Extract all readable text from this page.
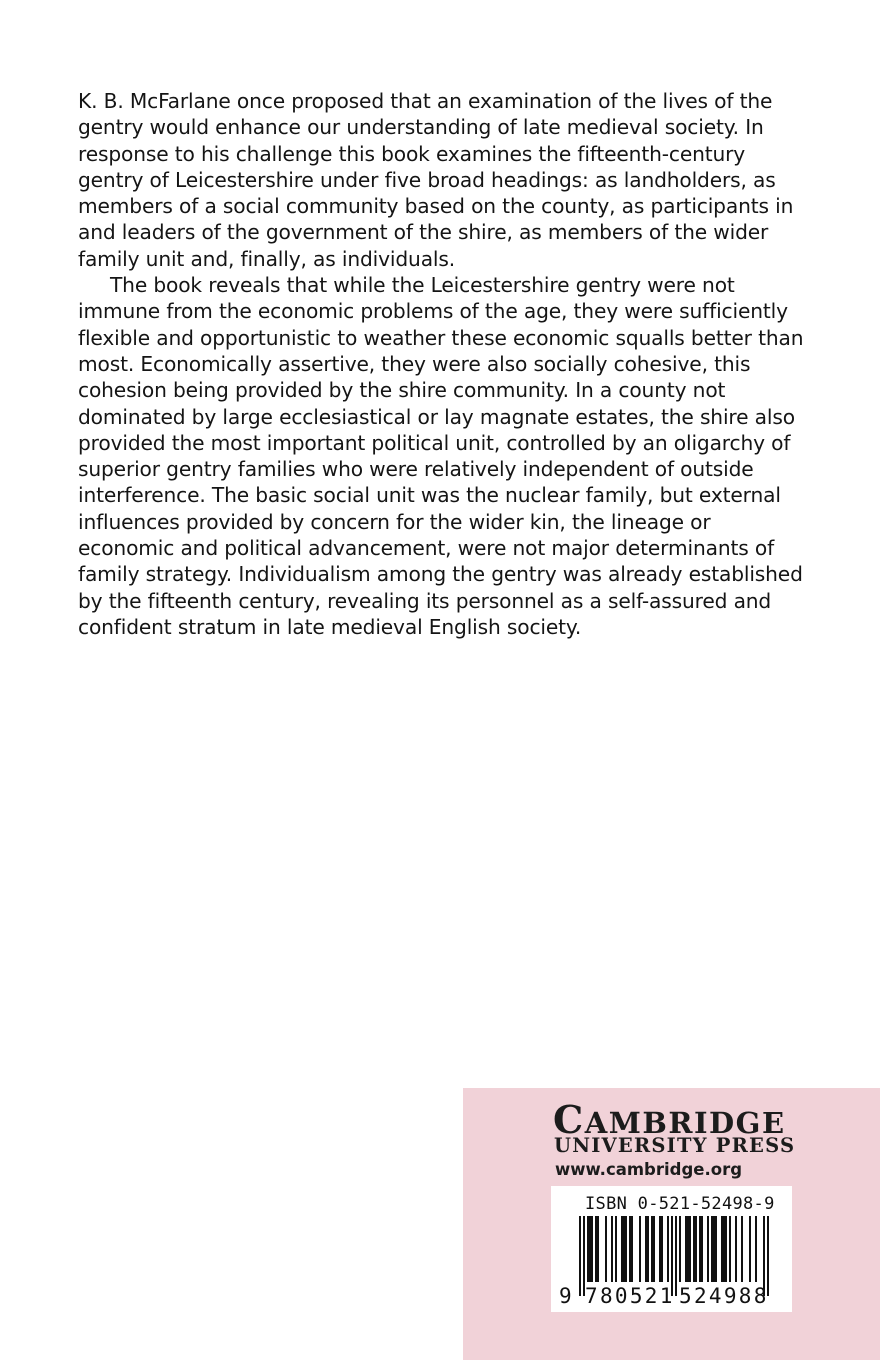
K. B. McFarlane once proposed that an examination of the lives of the gentry would enhance our understanding of late medieval society. In response to his challenge this book examines the fifteenth-century gentry of Leicestershire under five broad headings: as landholders, as members of a social community based on the county, as participants in and leaders of the government of the shire, as members of the wider family unit and, finally, as individuals.

The book reveals that while the Leicestershire gentry were not immune from the economic problems of the age, they were sufficiently flexible and opportunistic to weather these economic squalls better than most. Economically assertive, they were also socially cohesive, this cohesion being provided by the shire community. In a county not dominated by large ecclesiastical or lay magnate estates, the shire also provided the most important political unit, controlled by an oligarchy of superior gentry families who were relatively independent of outside interference. The basic social unit was the nuclear family, but external influences provided by concern for the wider kin, the lineage or economic and political advancement, were not major determinants of family strategy. Individualism among the gentry was already established by the fifteenth century, revealing its personnel as a self-assured and confident stratum in late medieval English society.

CAMBRIDGE
UNIVERSITY PRESS
www.cambridge.org
ISBN 0-521-52498-9
9 780521 524988
